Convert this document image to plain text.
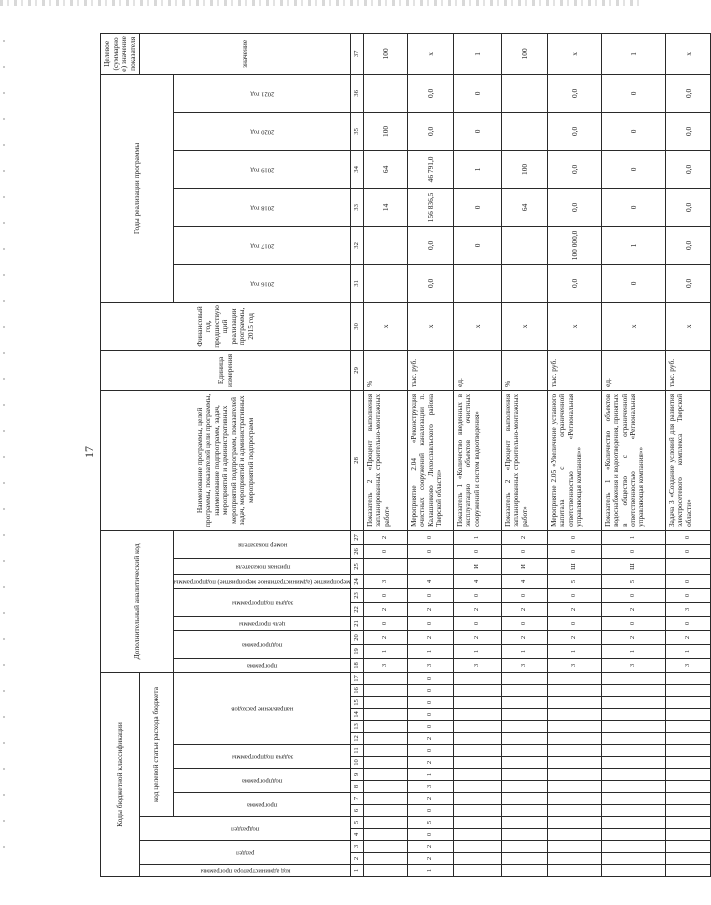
17
Коды бюджетной классификации																	Дополнительный аналитический код										Наименование программы, целей программы, показателей цели программы, наименование подпрограмм, задач, мероприятий и административных мероприятий подпрограмм, показателей задач, мероприятий и административных мероприятий подпрограмм	Единица измерения	Финансовый год, предшествующий реализации программы, 2015 год	Годы реализации программы						Целевое (суммарное) значение показателя
код администратора программы	раздел		подраздел		код целевой статьи расхода бюджета																															значение
					программа		подпрограмма		задача подпрограммы		направление расходов						программа	подпрограмма		цель программы	задача подпрограммы		мероприятие (административное мероприятие) подпрограммы	признак показателя	номер показателя					2016 год	2017 год	2018 год	2019 год	2020 год	2021 год	
1	2	3	4	5	6	7	8	9	10	11	12	13	14	15	16	17	18	19	20	21	22	23	24	25	26	27	28	29	30	31	32	33	34	35	36	37
																	3	1	2	0	2	0	3		0	2	Показатель 2 «Процент выполнения запланированных строительно-монтажных работ»	%	х			14	64	100		100
1	2	2	0	5	0	2	3	1	2	0	2	0	0	0	0	0	3	1	2	0	2	0	4		0	0	Мероприятие 2.04 «Реконструкция очистных сооружений канализации п. Калашниково Лихославльского района Тверской области»	тыс. руб.	х	0,0	0,0	156 836,5	46 791,0	0,0	0,0	х
																	3	1	2	0	2	0	4	И	0	1	Показатель 1 «Количество введенных в эксплуатацию объектов очистных сооружений и систем водоотведения»	ед.	х		0	0	1	0	0	1
																	3	1	2	0	2	0	4	И	0	2	Показатель 2 «Процент выполнения запланированных строительно-монтажных работ»	%	х			64	100			100
																	3	1	2	0	2	0	5	Ш	0	0	Мероприятие 2.05 «Увеличение уставного капитала с ограниченной ответственностью «Региональная управляющая компания»»	тыс. руб.	х	0,0	100 000,0	0,0	0,0	0,0	0,0	х
																	3	1	2	0	2	0	5	Ш	0	1	Показатель 1 «Количество объектов водоснабжения и водоотведения, принятых в общество с ограниченной ответственностью «Региональная управляющая компания»»	ед.	х	0	1	0	0	0	0	1
																	3	1	2	0	3	0	0		0	0	Задача 3 «Создание условий для развития электросетевого комплекса Тверской области»	тыс. руб.	х	0,0	0,0	0,0	0,0	0,0	0,0	х
